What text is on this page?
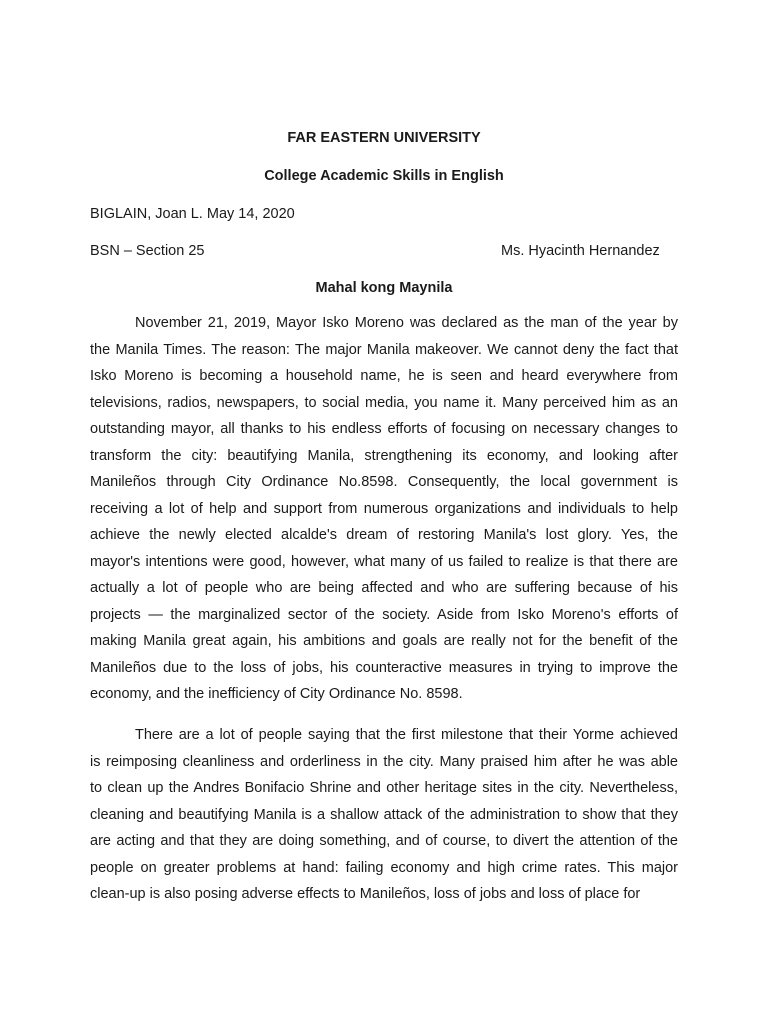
FAR EASTERN UNIVERSITY
College Academic Skills in English
BIGLAIN, Joan L. May 14, 2020
BSN – Section 25	Ms. Hyacinth Hernandez
Mahal kong Maynila
November 21, 2019, Mayor Isko Moreno was declared as the man of the year by
the Manila Times. The reason: The major Manila makeover. We cannot deny the fact that
Isko Moreno is becoming a household name, he is seen and heard everywhere from
televisions, radios, newspapers, to social media, you name it. Many perceived him as an
outstanding mayor, all thanks to his endless efforts of focusing on necessary changes to
transform the city: beautifying Manila, strengthening its economy, and looking after
Manileños through City Ordinance No.8598. Consequently, the local government is
receiving a lot of help and support from numerous organizations and individuals to help
achieve the newly elected alcalde's dream of restoring Manila's lost glory. Yes, the
mayor's intentions were good, however, what many of us failed to realize is that there are
actually a lot of people who are being affected and who are suffering because of his
projects — the marginalized sector of the society. Aside from Isko Moreno's efforts of
making Manila great again, his ambitions and goals are really not for the benefit of the
Manileños due to the loss of jobs, his counteractive measures in trying to improve the
economy, and the inefficiency of City Ordinance No. 8598.
There are a lot of people saying that the first milestone that their Yorme achieved
is reimposing cleanliness and orderliness in the city. Many praised him after he was able
to clean up the Andres Bonifacio Shrine and other heritage sites in the city. Nevertheless,
cleaning and beautifying Manila is a shallow attack of the administration to show that they
are acting and that they are doing something, and of course, to divert the attention of the
people on greater problems at hand: failing economy and high crime rates. This major
clean-up is also posing adverse effects to Manileños, loss of jobs and loss of place for
